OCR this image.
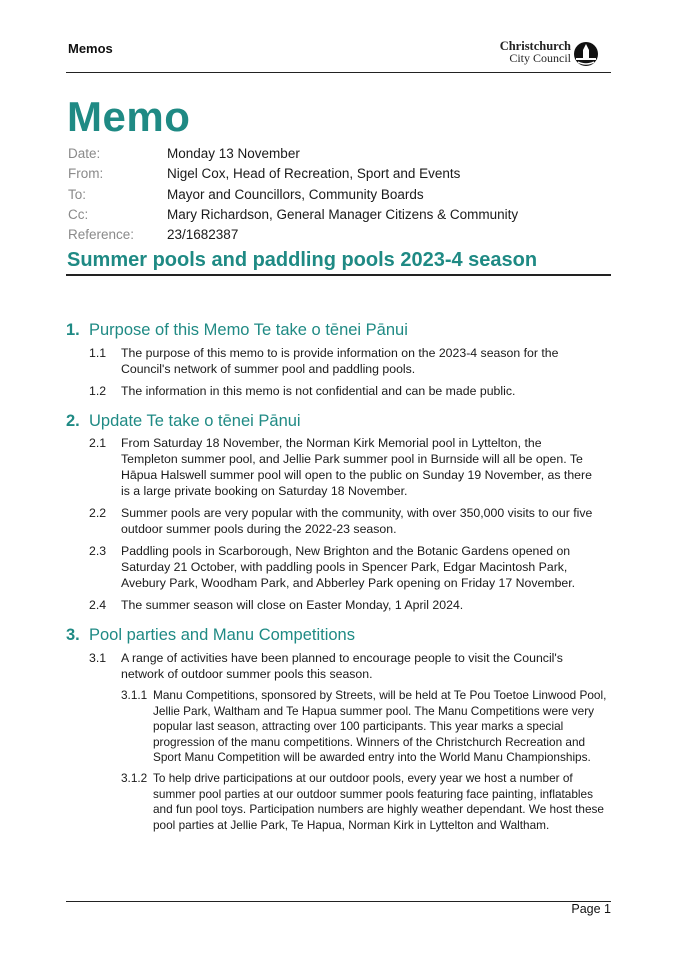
Memos	Christchurch
City Council
Memo
Date:	Monday 13 November
From:	Nigel Cox, Head of Recreation, Sport and Events
To:	Mayor and Councillors, Community Boards
Cc:	Mary Richardson, General Manager Citizens & Community
Reference:	23/1682387
Summer pools and paddling pools 2023-4 season
1. Purpose of this Memo Te take o tēnei Pānui
1.1	The purpose of this memo to is provide information on the 2023-4 season for the Council's network of summer pool and paddling pools.
1.2	The information in this memo is not confidential and can be made public.
2. Update Te take o tēnei Pānui
2.1	From Saturday 18 November, the Norman Kirk Memorial pool in Lyttelton, the Templeton summer pool, and Jellie Park summer pool in Burnside will all be open. Te Hāpua Halswell summer pool will open to the public on Sunday 19 November, as there is a large private booking on Saturday 18 November.
2.2	Summer pools are very popular with the community, with over 350,000 visits to our five outdoor summer pools during the 2022-23 season.
2.3	Paddling pools in Scarborough, New Brighton and the Botanic Gardens opened on Saturday 21 October, with paddling pools in Spencer Park, Edgar Macintosh Park, Avebury Park, Woodham Park, and Abberley Park opening on Friday 17 November.
2.4	The summer season will close on Easter Monday, 1 April 2024.
3. Pool parties and Manu Competitions
3.1	A range of activities have been planned to encourage people to visit the Council's network of outdoor summer pools this season.
3.1.1 Manu Competitions, sponsored by Streets, will be held at Te Pou Toetoe Linwood Pool, Jellie Park, Waltham and Te Hapua summer pool. The Manu Competitions were very popular last season, attracting over 100 participants. This year marks a special progression of the manu competitions. Winners of the Christchurch Recreation and Sport Manu Competition will be awarded entry into the World Manu Championships.
3.1.2 To help drive participations at our outdoor pools, every year we host a number of summer pool parties at our outdoor summer pools featuring face painting, inflatables and fun pool toys. Participation numbers are highly weather dependant. We host these pool parties at Jellie Park, Te Hapua, Norman Kirk in Lyttelton and Waltham.
Page 1
